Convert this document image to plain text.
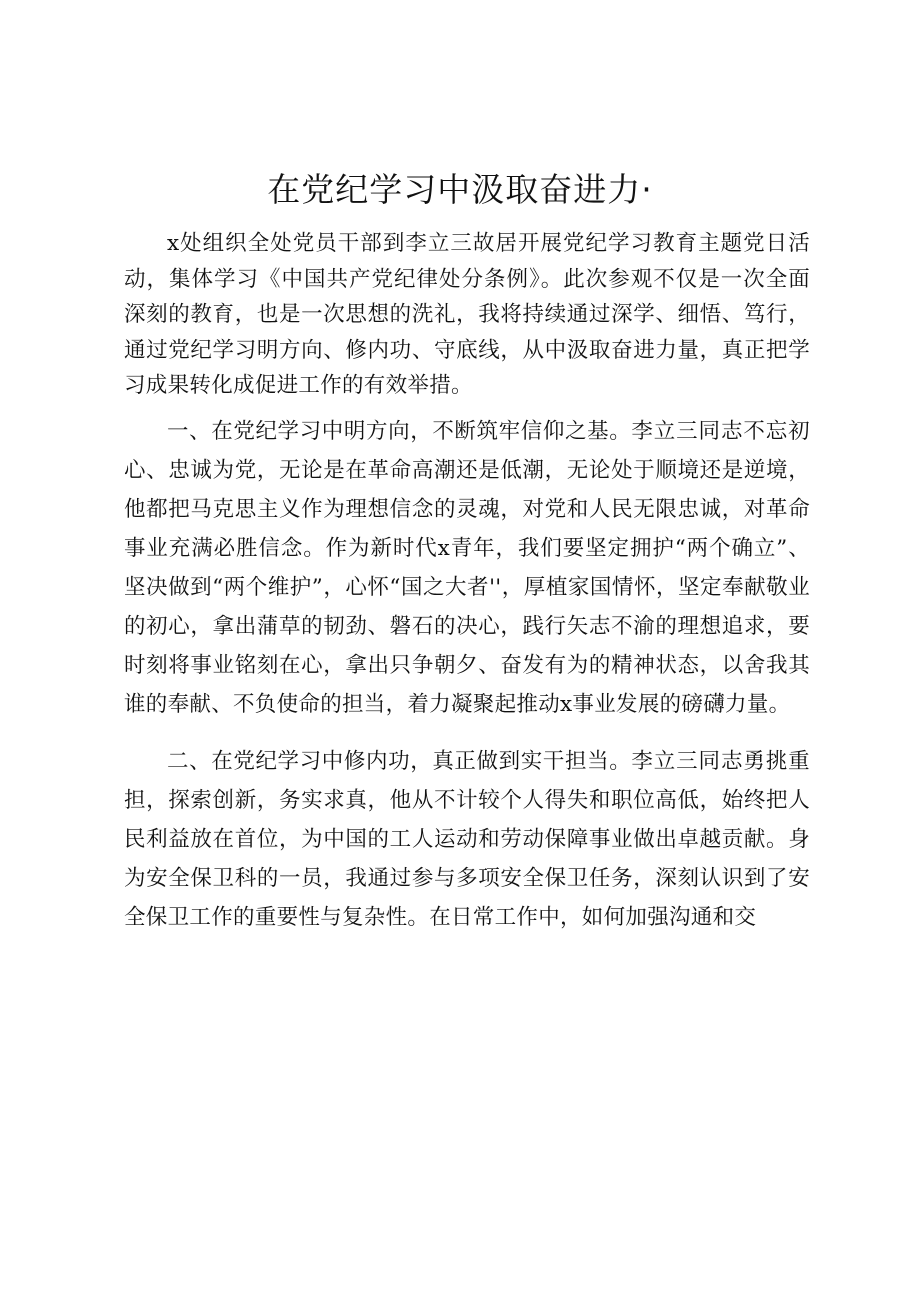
在党纪学习中汲取奋进力·

x处组织全处党员干部到李立三故居开展党纪学习教育主题党日活动，集体学习《中国共产党纪律处分条例》。此次参观不仅是一次全面深刻的教育，也是一次思想的洗礼，我将持续通过深学、细悟、笃行，通过党纪学习明方向、修内功、守底线，从中汲取奋进力量，真正把学习成果转化成促进工作的有效举措。

一、在党纪学习中明方向，不断筑牢信仰之基。李立三同志不忘初心、忠诚为党，无论是在革命高潮还是低潮，无论处于顺境还是逆境，他都把马克思主义作为理想信念的灵魂，对党和人民无限忠诚，对革命事业充满必胜信念。作为新时代x青年，我们要坚定拥护“两个确立”、坚决做到“两个维护”，心怀“国之大者''，厚植家国情怀，坚定奉献敬业的初心，拿出蒲草的韧劲、磐石的决心，践行矢志不渝的理想追求，要时刻将事业铭刻在心，拿出只争朝夕、奋发有为的精神状态，以舍我其谁的奉献、不负使命的担当，着力凝聚起推动x事业发展的磅礴力量。

二、在党纪学习中修内功，真正做到实干担当。李立三同志勇挑重担，探索创新，务实求真，他从不计较个人得失和职位高低，始终把人民利益放在首位，为中国的工人运动和劳动保障事业做出卓越贡献。身为安全保卫科的一员，我通过参与多项安全保卫任务，深刻认识到了安全保卫工作的重要性与复杂性。在日常工作中，如何加强沟通和交
